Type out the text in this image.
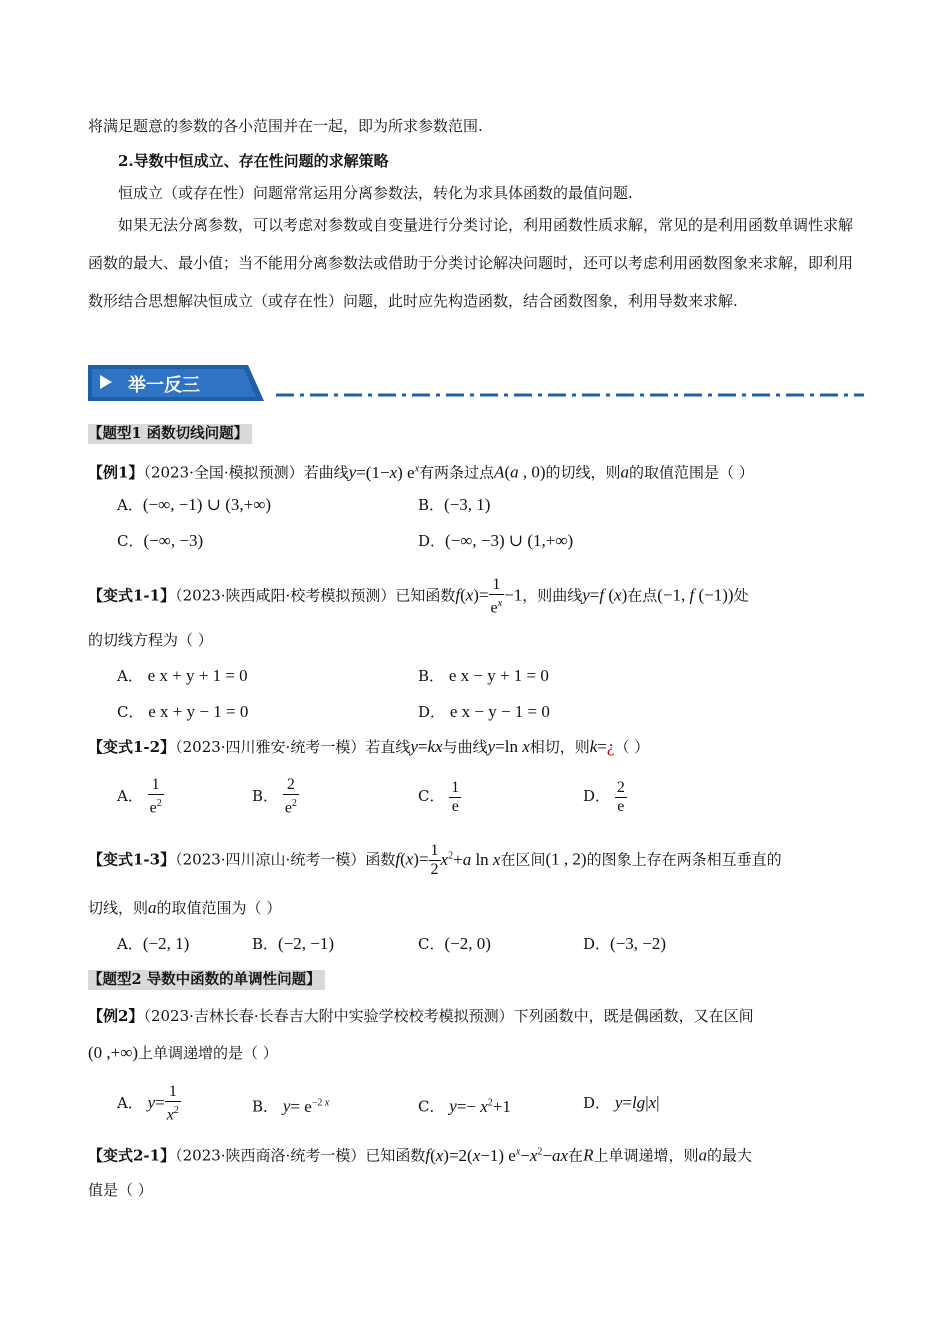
将满足题意的参数的各小范围并在一起，即为所求参数范围.
2.导数中恒成立、存在性问题的求解策略
恒成立（或存在性）问题常常运用分离参数法，转化为求具体函数的最值问题.
如果无法分离参数，可以考虑对参数或自变量进行分类讨论，利用函数性质求解，常见的是利用函数单调性求解函数的最大、最小值；当不能用分离参数法或借助于分类讨论解决问题时，还可以考虑利用函数图象来求解，即利用数形结合思想解决恒成立（或存在性）问题，此时应先构造函数，结合函数图象，利用导数来求解.
举一反三
【题型1 函数切线问题】
【例1】（2023·全国·模拟预测）若曲线y=(1−x) $e^x$有两条过点A(a , 0)的切线，则a的取值范围是（ ）
A．(−∞, −1) ∪ (3,+∞)	B．(−3, 1)
C．(−∞, −3)	D．(−∞, −3) ∪ (1,+∞)
【变式1-1】（2023·陕西咸阳·校考模拟预测）已知函数$f(x)= \frac{1}{e^x} -1$，则曲线y=f (x)在点(−1, f (−1))处
的切线方程为（ ）
A． e x + y + 1 = 0	B． e x − y + 1 = 0
C． e x + y − 1 = 0	D． e x − y − 1 = 0
【变式1-2】（2023·四川雅安·统考一模）若直线y=kx与曲线y=ln x相切，则k=¿（ ）
A． $\frac{1}{e^2}$	B． $\frac{2}{e^2}$	C． $\frac{1}{e}$	D． $\frac{2}{e}$
【变式1-3】（2023·四川凉山·统考一模）函数$f(x)= \frac{1}{2} x^2+a$ ln x在区间(1 , 2)的图象上存在两条相互垂直的
切线，则a的取值范围为（ ）
A．(−2, 1)	B．(−2, −1)	C．(−2, 0)	D．(−3, −2)
【题型2 导数中函数的单调性问题】
【例2】（2023·吉林长春·长春吉大附中实验学校校考模拟预测）下列函数中，既是偶函数，又在区间
(0 ,+∞)上单调递增的是（ ）
A． $y= \frac{1}{x^2}$	B． $y= e^{-2 x}$	C． $y=- x^2+1$	D． y=lg|x|
【变式2-1】（2023·陕西商洛·统考一模）已知函数f(x)=2(x−1) $e^x-x^2-ax$在R上单调递增，则a的最大
值是（ ）
